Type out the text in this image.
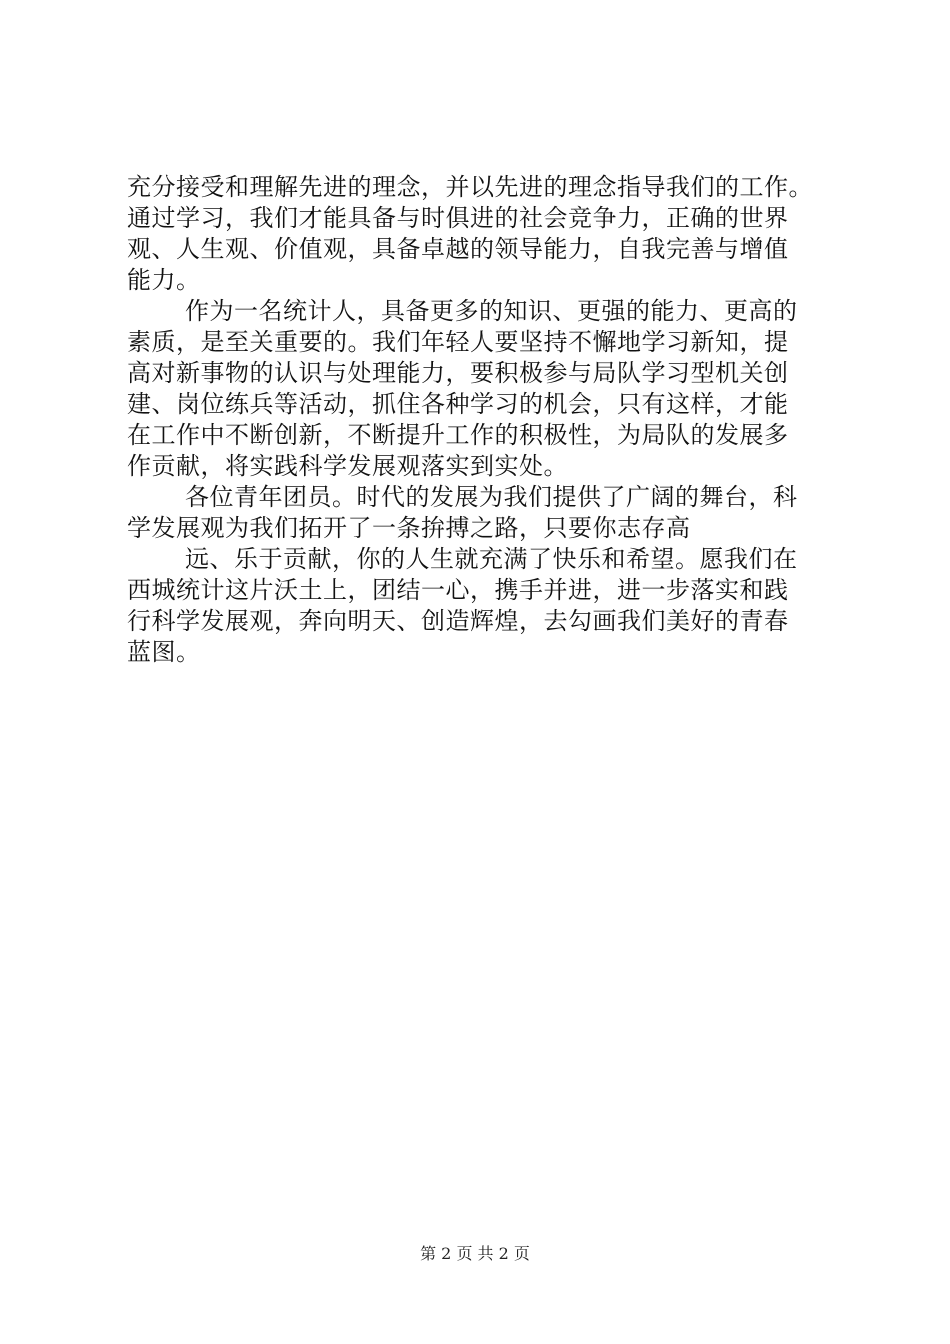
充分接受和理解先进的理念，并以先进的理念指导我们的工作。
通过学习，我们才能具备与时俱进的社会竞争力，正确的世界
观、人生观、价值观，具备卓越的领导能力，自我完善与增值
能力。
作为一名统计人，具备更多的知识、更强的能力、更高的
素质，是至关重要的。我们年轻人要坚持不懈地学习新知，提
高对新事物的认识与处理能力，要积极参与局队学习型机关创
建、岗位练兵等活动，抓住各种学习的机会，只有这样，才能
在工作中不断创新，不断提升工作的积极性，为局队的发展多
作贡献，将实践科学发展观落实到实处。
各位青年团员。时代的发展为我们提供了广阔的舞台，科
学发展观为我们拓开了一条拚搏之路，只要你志存高
远、乐于贡献，你的人生就充满了快乐和希望。愿我们在
西城统计这片沃土上，团结一心，携手并进，进一步落实和践
行科学发展观，奔向明天、创造辉煌，去勾画我们美好的青春
蓝图。
第 2 页 共 2 页
